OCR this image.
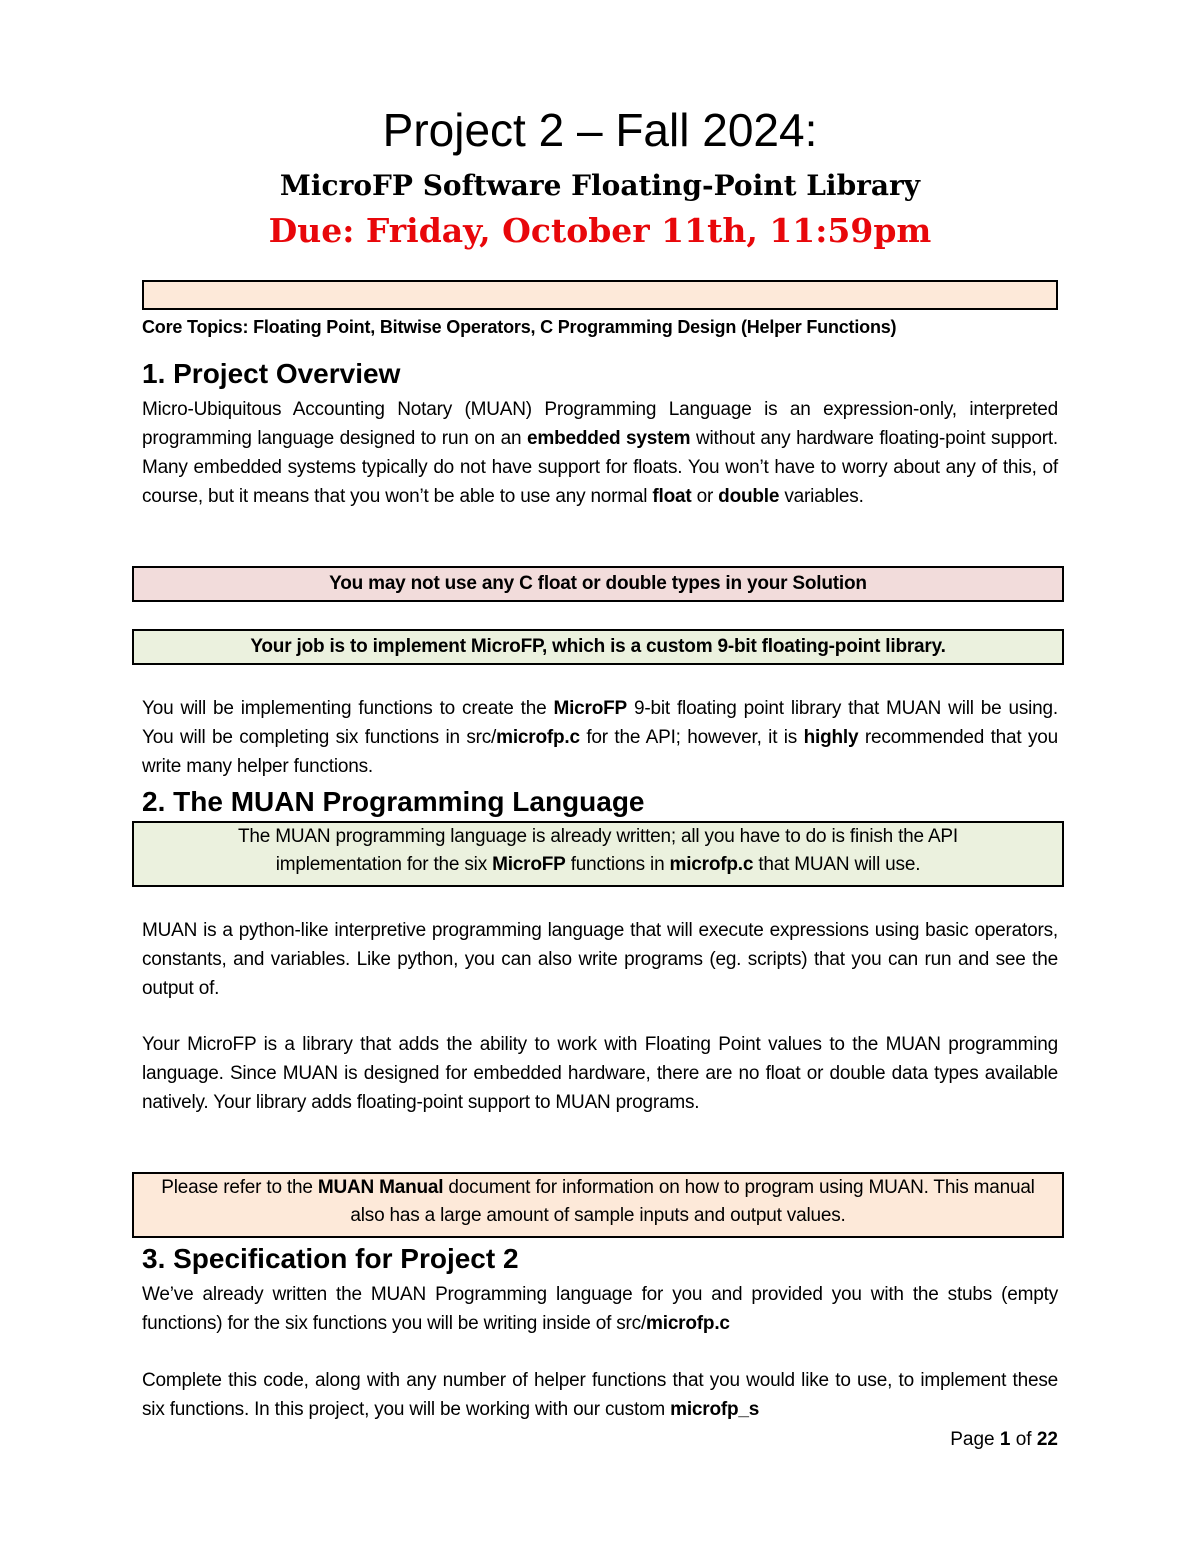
Project 2 – Fall 2024:
MicroFP Software Floating-Point Library
Due: Friday, October 11th, 11:59pm
Core Topics: Floating Point, Bitwise Operators, C Programming Design (Helper Functions)
1. Project Overview
Micro-Ubiquitous Accounting Notary (MUAN) Programming Language is an expression-only, interpreted programming language designed to run on an embedded system without any hardware floating-point support. Many embedded systems typically do not have support for floats. You won’t have to worry about any of this, of course, but it means that you won’t be able to use any normal float or double variables.
You may not use any C float or double types in your Solution
Your job is to implement MicroFP, which is a custom 9-bit floating-point library.
You will be implementing functions to create the MicroFP 9-bit floating point library that MUAN will be using. You will be completing six functions in src/microfp.c for the API; however, it is highly recommended that you write many helper functions.
2. The MUAN Programming Language
The MUAN programming language is already written; all you have to do is finish the API implementation for the six MicroFP functions in microfp.c that MUAN will use.
MUAN is a python-like interpretive programming language that will execute expressions using basic operators, constants, and variables. Like python, you can also write programs (eg. scripts) that you can run and see the output of.
Your MicroFP is a library that adds the ability to work with Floating Point values to the MUAN programming language. Since MUAN is designed for embedded hardware, there are no float or double data types available natively. Your library adds floating-point support to MUAN programs.
Please refer to the MUAN Manual document for information on how to program using MUAN. This manual also has a large amount of sample inputs and output values.
3. Specification for Project 2
We’ve already written the MUAN Programming language for you and provided you with the stubs (empty functions) for the six functions you will be writing inside of src/microfp.c
Complete this code, along with any number of helper functions that you would like to use, to implement these six functions. In this project, you will be working with our custom microfp_s
Page 1 of 22
